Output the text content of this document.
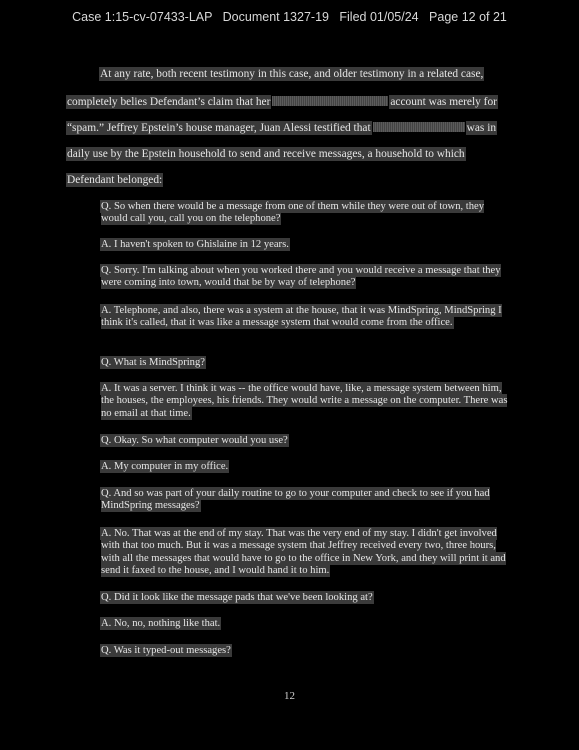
Case 1:15-cv-07433-LAP   Document 1327-19   Filed 01/05/24   Page 12 of 21
At any rate, both recent testimony in this case, and older testimony in a related case,
completely belies Defendant’s claim that her	account was merely for
“spam.” Jeffrey Epstein’s house manager, Juan Alessi testified that	was in
daily use by the Epstein household to send and receive messages, a household to which
Defendant belonged:
Q. So when there would be a message from one of them while they were out of town, they would call you, call you on the telephone?
A. I haven't spoken to Ghislaine in 12 years.
Q. Sorry. I'm talking about when you worked there and you would receive a message that they were coming into town, would that be by way of telephone?
A. Telephone, and also, there was a system at the house, that it was MindSpring, MindSpring I think it's called, that it was like a message system that would come from the office.
Q. What is MindSpring?
A. It was a server. I think it was -- the office would have, like, a message system between him, the houses, the employees, his friends. They would write a message on the computer. There was no email at that time.
Q. Okay. So what computer would you use?
A. My computer in my office.
Q. And so was part of your daily routine to go to your computer and check to see if you had MindSpring messages?
A. No. That was at the end of my stay. That was the very end of my stay. I didn't get involved with that too much. But it was a message system that Jeffrey received every two, three hours, with all the messages that would have to go to the office in New York, and they will print it and send it faxed to the house, and I would hand it to him.
Q. Did it look like the message pads that we've been looking at?
A. No, no, nothing like that.
Q. Was it typed-out messages?
12
